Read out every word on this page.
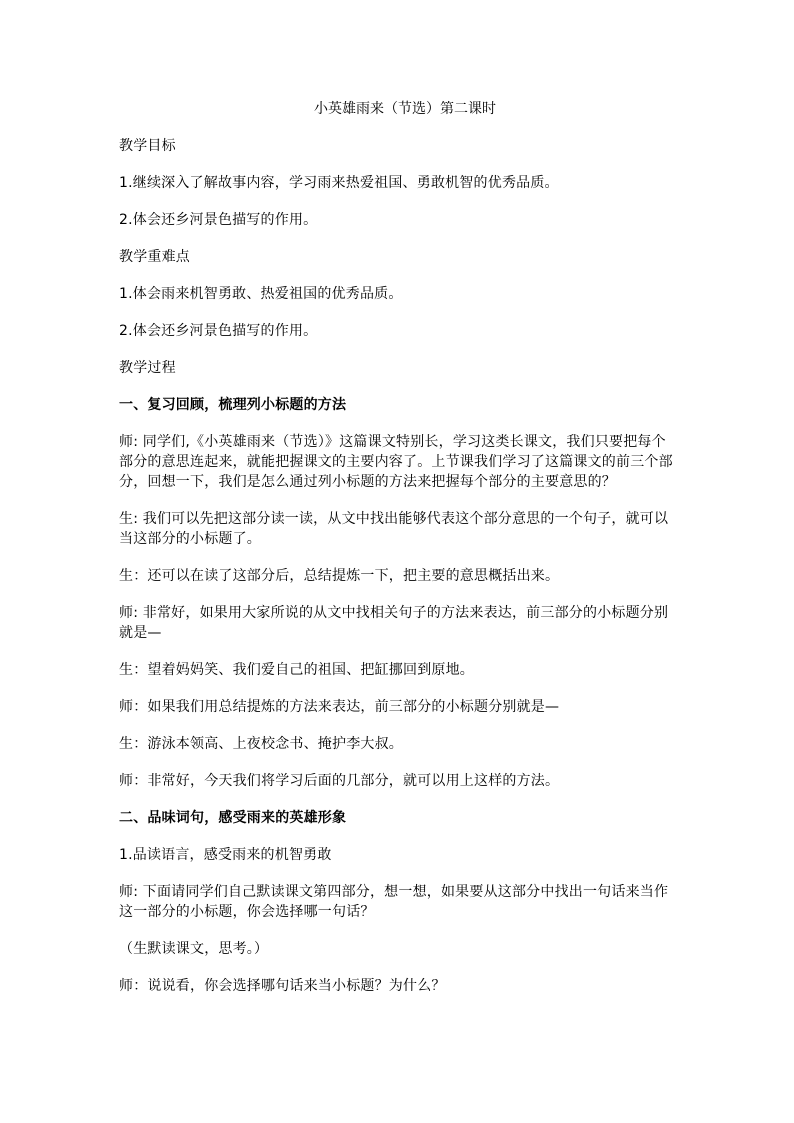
小英雄雨来（节选）第二课时

教学目标

1.继续深入了解故事内容，学习雨来热爱祖国、勇敢机智的优秀品质。

2.体会还乡河景色描写的作用。

教学重难点

1.体会雨来机智勇敢、热爱祖国的优秀品质。

2.体会还乡河景色描写的作用。

教学过程

一、复习回顾，梳理列小标题的方法

师: 同学们,《小英雄雨来（节选）》这篇课文特别长，学习这类长课文，我们只要把每个部分的意思连起来，就能把握课文的主要内容了。上节课我们学习了这篇课文的前三个部分，回想一下，我们是怎么通过列小标题的方法来把握每个部分的主要意思的？

生: 我们可以先把这部分读一读，从文中找出能够代表这个部分意思的一个句子，就可以当这部分的小标题了。

生：还可以在读了这部分后，总结提炼一下，把主要的意思概括出来。

师: 非常好，如果用大家所说的从文中找相关句子的方法来表达，前三部分的小标题分别就是—

生：望着妈妈笑、我们爱自己的祖国、把缸挪回到原地。

师：如果我们用总结提炼的方法来表达，前三部分的小标题分别就是—

生：游泳本领高、上夜校念书、掩护李大叔。

师：非常好，今天我们将学习后面的几部分，就可以用上这样的方法。

二、品味词句，感受雨来的英雄形象

1.品读语言，感受雨来的机智勇敢

师: 下面请同学们自己默读课文第四部分，想一想，如果要从这部分中找出一句话来当作这一部分的小标题，你会选择哪一句话？

（生默读课文，思考。）

师：说说看，你会选择哪句话来当小标题？为什么？
